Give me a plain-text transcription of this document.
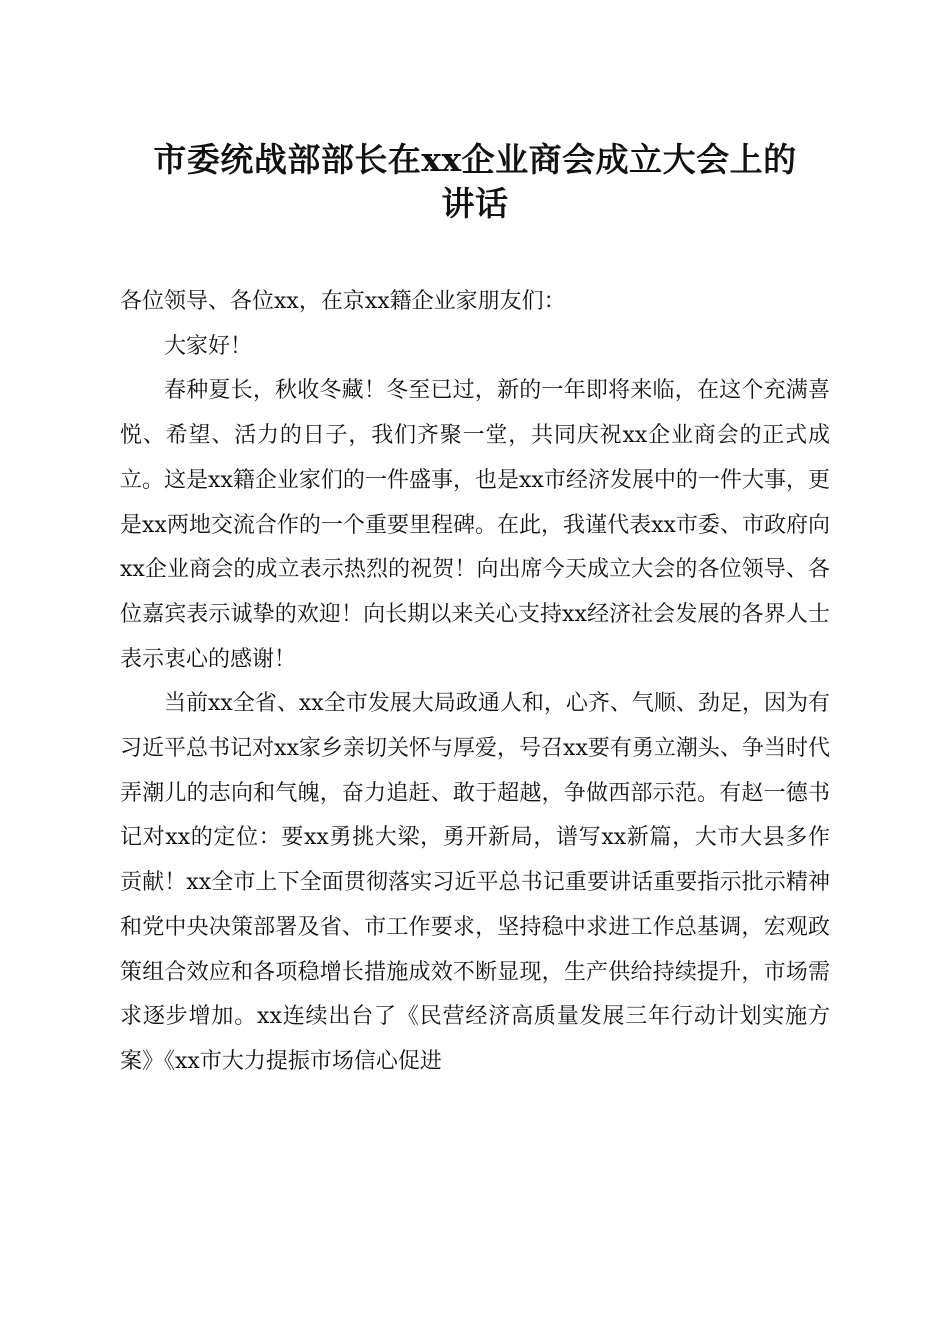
市委统战部部长在xx企业商会成立大会上的
讲话

各位领导、各位xx，在京xx籍企业家朋友们：

大家好！

春种夏长，秋收冬藏！冬至已过，新的一年即将来临，在这个充满喜悦、希望、活力的日子，我们齐聚一堂，共同庆祝xx企业商会的正式成立。这是xx籍企业家们的一件盛事，也是xx市经济发展中的一件大事，更是xx两地交流合作的一个重要里程碑。在此，我谨代表xx市委、市政府向xx企业商会的成立表示热烈的祝贺！向出席今天成立大会的各位领导、各位嘉宾表示诚挚的欢迎！向长期以来关心支持xx经济社会发展的各界人士表示衷心的感谢！

当前xx全省、xx全市发展大局政通人和，心齐、气顺、劲足，因为有习近平总书记对xx家乡亲切关怀与厚爱，号召xx要有勇立潮头、争当时代弄潮儿的志向和气魄，奋力追赶、敢于超越，争做西部示范。有赵一德书记对xx的定位：要xx勇挑大梁，勇开新局，谱写xx新篇，大市大县多作贡献！xx全市上下全面贯彻落实习近平总书记重要讲话重要指示批示精神和党中央决策部署及省、市工作要求，坚持稳中求进工作总基调，宏观政策组合效应和各项稳增长措施成效不断显现，生产供给持续提升，市场需求逐步增加。xx连续出台了《民营经济高质量发展三年行动计划实施方案》《xx市大力提振市场信心促进
